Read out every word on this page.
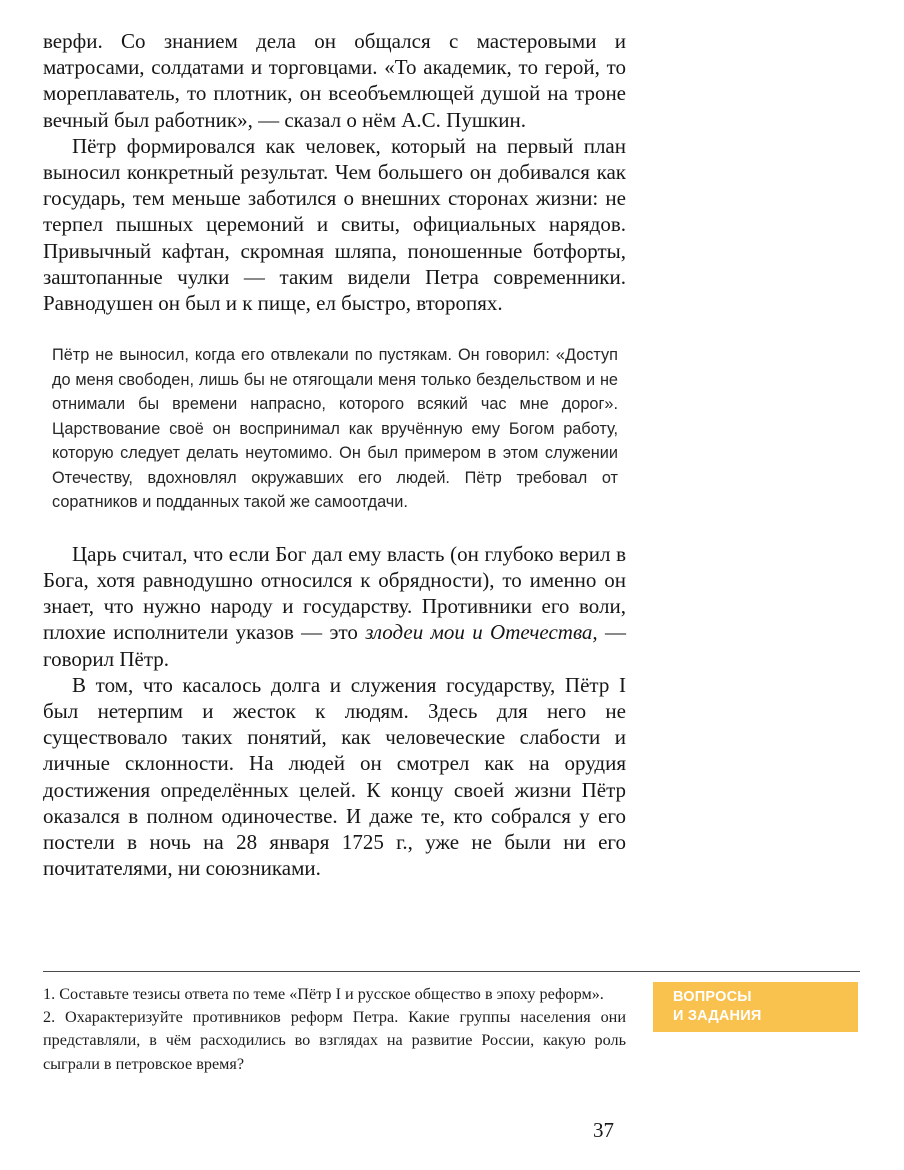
верфи. Со знанием дела он общался с мастеровыми и матросами, солдатами и торговцами. «То академик, то герой, то мореплаватель, то плотник, он всеобъемлющей душой на троне вечный был работник», — сказал о нём А.С. Пушкин.

Пётр формировался как человек, который на первый план выносил конкретный результат. Чем большего он добивался как государь, тем меньше заботился о внешних сторонах жизни: не терпел пышных церемоний и свиты, официальных нарядов. Привычный кафтан, скромная шляпа, поношенные ботфорты, заштопанные чулки — таким видели Петра современники. Равнодушен он был и к пище, ел быстро, второпях.

Пётр не выносил, когда его отвлекали по пустякам. Он говорил: «Доступ до меня свободен, лишь бы не отягощали меня только бездельством и не отнимали бы времени напрасно, которого всякий час мне дорог». Царствование своё он воспринимал как вручённую ему Богом работу, которую следует делать неутомимо. Он был примером в этом служении Отечеству, вдохновлял окружавших его людей. Пётр требовал от соратников и подданных такой же самоотдачи.

Царь считал, что если Бог дал ему власть (он глубоко верил в Бога, хотя равнодушно относился к обрядности), то именно он знает, что нужно народу и государству. Противники его воли, плохие исполнители указов — это злодеи мои и Отечества, — говорил Пётр.

В том, что касалось долга и служения государству, Пётр I был нетерпим и жесток к людям. Здесь для него не существовало таких понятий, как человеческие слабости и личные склонности. На людей он смотрел как на орудия достижения определённых целей. К концу своей жизни Пётр оказался в полном одиночестве. И даже те, кто собрался у его постели в ночь на 28 января 1725 г., уже не были ни его почитателями, ни союзниками.

1. Составьте тезисы ответа по теме «Пётр I и русское общество в эпоху реформ».

2. Охарактеризуйте противников реформ Петра. Какие группы населения они представляли, в чём расходились во взглядах на развитие России, какую роль сыграли в петровское время?

ВОПРОСЫ
И ЗАДАНИЯ
37
